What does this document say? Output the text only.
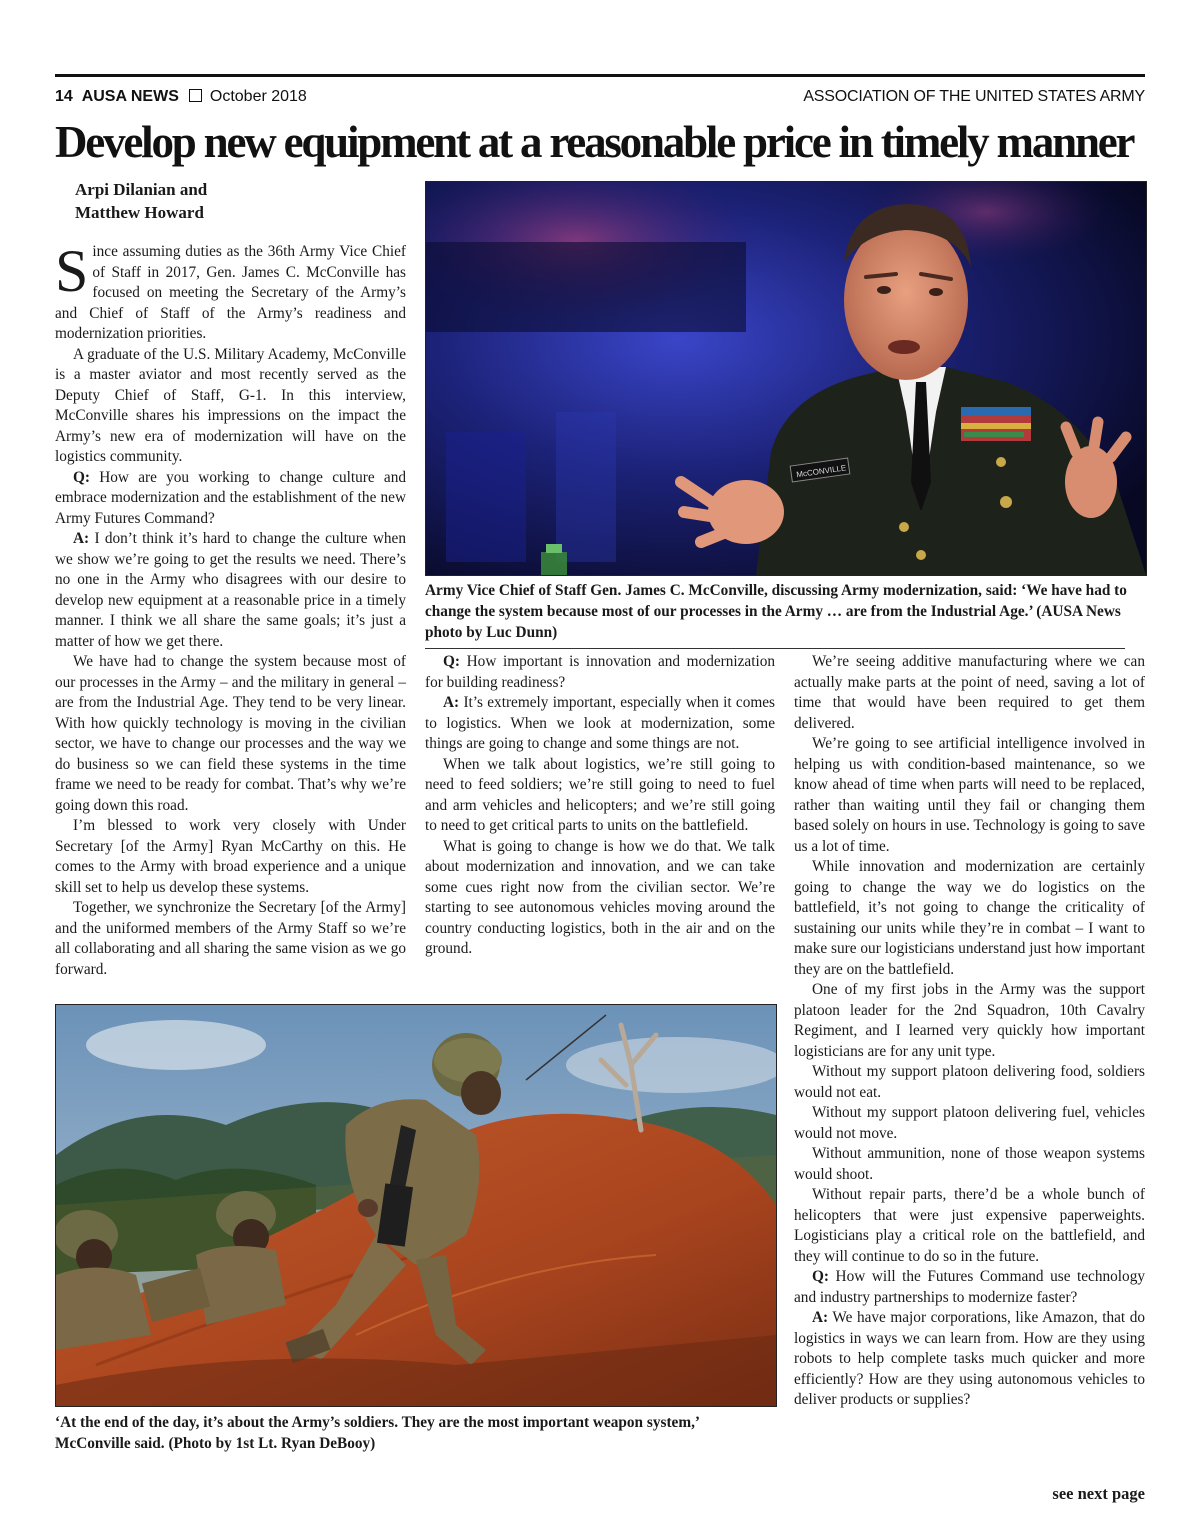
14 AUSA NEWS October 2018	ASSOCIATION OF THE UNITED STATES ARMY
Develop new equipment at a reasonable price in timely manner
Arpi Dilanian and
Matthew Howard

Since assuming duties as the 36th Army Vice Chief of Staff in 2017, Gen. James C. McConville has focused on meeting the Secretary of the Army’s and Chief of Staff of the Army’s readiness and modernization priorities.

A graduate of the U.S. Military Academy, McConville is a master aviator and most recently served as the Deputy Chief of Staff, G-1. In this interview, McConville shares his impressions on the impact the Army’s new era of modernization will have on the logistics community.

Q: How are you working to change culture and embrace modernization and the establishment of the new Army Futures Command?

A: I don’t think it’s hard to change the culture when we show we’re going to get the results we need. There’s no one in the Army who disagrees with our desire to develop new equipment at a reasonable price in a timely manner. I think we all share the same goals; it’s just a matter of how we get there.

We have had to change the system because most of our processes in the Army – and the military in general – are from the Industrial Age. They tend to be very linear. With how quickly technology is moving in the civilian sector, we have to change our processes and the way we do business so we can field these systems in the time frame we need to be ready for combat. That’s why we’re going down this road.

I’m blessed to work very closely with Under Secretary [of the Army] Ryan McCarthy on this. He comes to the Army with broad experience and a unique skill set to help us develop these systems.

Together, we synchronize the Secretary [of the Army] and the uniformed members of the Army Staff so we’re all collaborating and all sharing the same vision as we go forward.

McCONVILLE
Army Vice Chief of Staff Gen. James C. McConville, discussing Army modernization, said: ‘We have had to change the system because most of our processes in the Army … are from the Industrial Age.’ (AUSA News photo by Luc Dunn)

Q: How important is innovation and modernization for building readiness?

A: It’s extremely important, especially when it comes to logistics. When we look at modernization, some things are going to change and some things are not.

When we talk about logistics, we’re still going to need to feed soldiers; we’re still going to need to fuel and arm vehicles and helicopters; and we’re still going to need to get critical parts to units on the battlefield.

What is going to change is how we do that. We talk about modernization and innovation, and we can take some cues right now from the civilian sector. We’re starting to see autonomous vehicles moving around the country conducting logistics, both in the air and on the ground.

We’re seeing additive manufacturing where we can actually make parts at the point of need, saving a lot of time that would have been required to get them delivered.

We’re going to see artificial intelligence involved in helping us with condition-based maintenance, so we know ahead of time when parts will need to be replaced, rather than waiting until they fail or changing them based solely on hours in use. Technology is going to save us a lot of time.

While innovation and modernization are certainly going to change the way we do logistics on the battlefield, it’s not going to change the criticality of sustaining our units while they’re in combat – I want to make sure our logisticians understand just how important they are on the battlefield.

One of my first jobs in the Army was the support platoon leader for the 2nd Squadron, 10th Cavalry Regiment, and I learned very quickly how important logisticians are for any unit type.

Without my support platoon delivering food, soldiers would not eat.

Without my support platoon delivering fuel, vehicles would not move.

Without ammunition, none of those weapon systems would shoot.

Without repair parts, there’d be a whole bunch of helicopters that were just expensive paperweights. Logisticians play a critical role on the battlefield, and they will continue to do so in the future.

Q: How will the Futures Command use technology and industry partnerships to modernize faster?

A: We have major corporations, like Amazon, that do logistics in ways we can learn from. How are they using robots to help complete tasks much quicker and more efficiently? How are they using autonomous vehicles to deliver products or supplies?

‘At the end of the day, it’s about the Army’s soldiers. They are the most important weapon system,’ McConville said. (Photo by 1st Lt. Ryan DeBooy)
see next page
